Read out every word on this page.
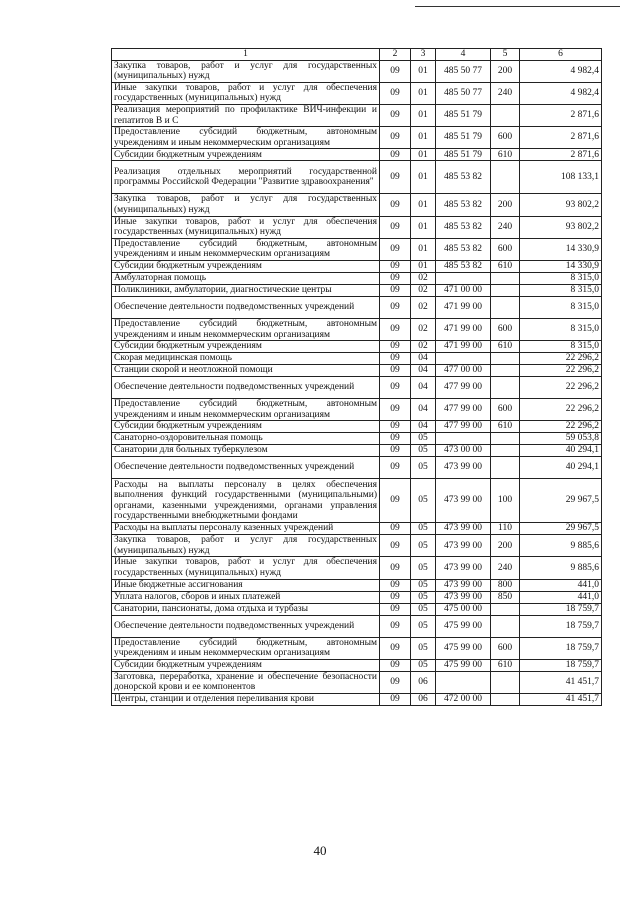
1	2	3	4	5	6
Закупка товаров, работ и услуг для государственных (муниципальных) нужд	09	01	485 50 77	200	4 982,4
Иные закупки товаров, работ и услуг для обеспечения государственных (муниципальных) нужд	09	01	485 50 77	240	4 982,4
Реализация мероприятий по профилактике ВИЧ-инфекции и гепатитов В и С	09	01	485 51 79		2 871,6
Предоставление субсидий бюджетным, автономным учреждениям и иным некоммерческим организациям	09	01	485 51 79	600	2 871,6
Субсидии бюджетным учреждениям	09	01	485 51 79	610	2 871,6
Реализация отдельных мероприятий государственной программы Российской Федерации "Развитие здравоохранения"	09	01	485 53 82		108 133,1
Закупка товаров, работ и услуг для государственных (муниципальных) нужд	09	01	485 53 82	200	93 802,2
Иные закупки товаров, работ и услуг для обеспечения государственных (муниципальных) нужд	09	01	485 53 82	240	93 802,2
Предоставление субсидий бюджетным, автономным учреждениям и иным некоммерческим организациям	09	01	485 53 82	600	14 330,9
Субсидии бюджетным учреждениям	09	01	485 53 82	610	14 330,9
Амбулаторная помощь	09	02			8 315,0
Поликлиники, амбулатории, диагностические центры	09	02	471 00 00		8 315,0
Обеспечение деятельности подведомственных учреждений	09	02	471 99 00		8 315,0
Предоставление субсидий бюджетным, автономным учреждениям и иным некоммерческим организациям	09	02	471 99 00	600	8 315,0
Субсидии бюджетным учреждениям	09	02	471 99 00	610	8 315,0
Скорая медицинская помощь	09	04			22 296,2
Станции скорой и неотложной помощи	09	04	477 00 00		22 296,2
Обеспечение деятельности подведомственных учреждений	09	04	477 99 00		22 296,2
Предоставление субсидий бюджетным, автономным учреждениям и иным некоммерческим организациям	09	04	477 99 00	600	22 296,2
Субсидии бюджетным учреждениям	09	04	477 99 00	610	22 296,2
Санаторно-оздоровительная помощь	09	05			59 053,8
Санатории для больных туберкулезом	09	05	473 00 00		40 294,1
Обеспечение деятельности подведомственных учреждений	09	05	473 99 00		40 294,1
Расходы на выплаты персоналу в целях обеспечения выполнения функций государственными (муниципальными) органами, казенными учреждениями, органами управления государственными внебюджетными фондами	09	05	473 99 00	100	29 967,5
Расходы на выплаты персоналу казенных учреждений	09	05	473 99 00	110	29 967,5
Закупка товаров, работ и услуг для государственных (муниципальных) нужд	09	05	473 99 00	200	9 885,6
Иные закупки товаров, работ и услуг для обеспечения государственных (муниципальных) нужд	09	05	473 99 00	240	9 885,6
Иные бюджетные ассигнования	09	05	473 99 00	800	441,0
Уплата налогов, сборов и иных платежей	09	05	473 99 00	850	441,0
Санатории, пансионаты, дома отдыха и турбазы	09	05	475 00 00		18 759,7
Обеспечение деятельности подведомственных учреждений	09	05	475 99 00		18 759,7
Предоставление субсидий бюджетным, автономным учреждениям и иным некоммерческим организациям	09	05	475 99 00	600	18 759,7
Субсидии бюджетным учреждениям	09	05	475 99 00	610	18 759,7
Заготовка, переработка, хранение и обеспечение безопасности донорской крови и ее компонентов	09	06			41 451,7
Центры, станции и отделения переливания крови	09	06	472 00 00		41 451,7
40
